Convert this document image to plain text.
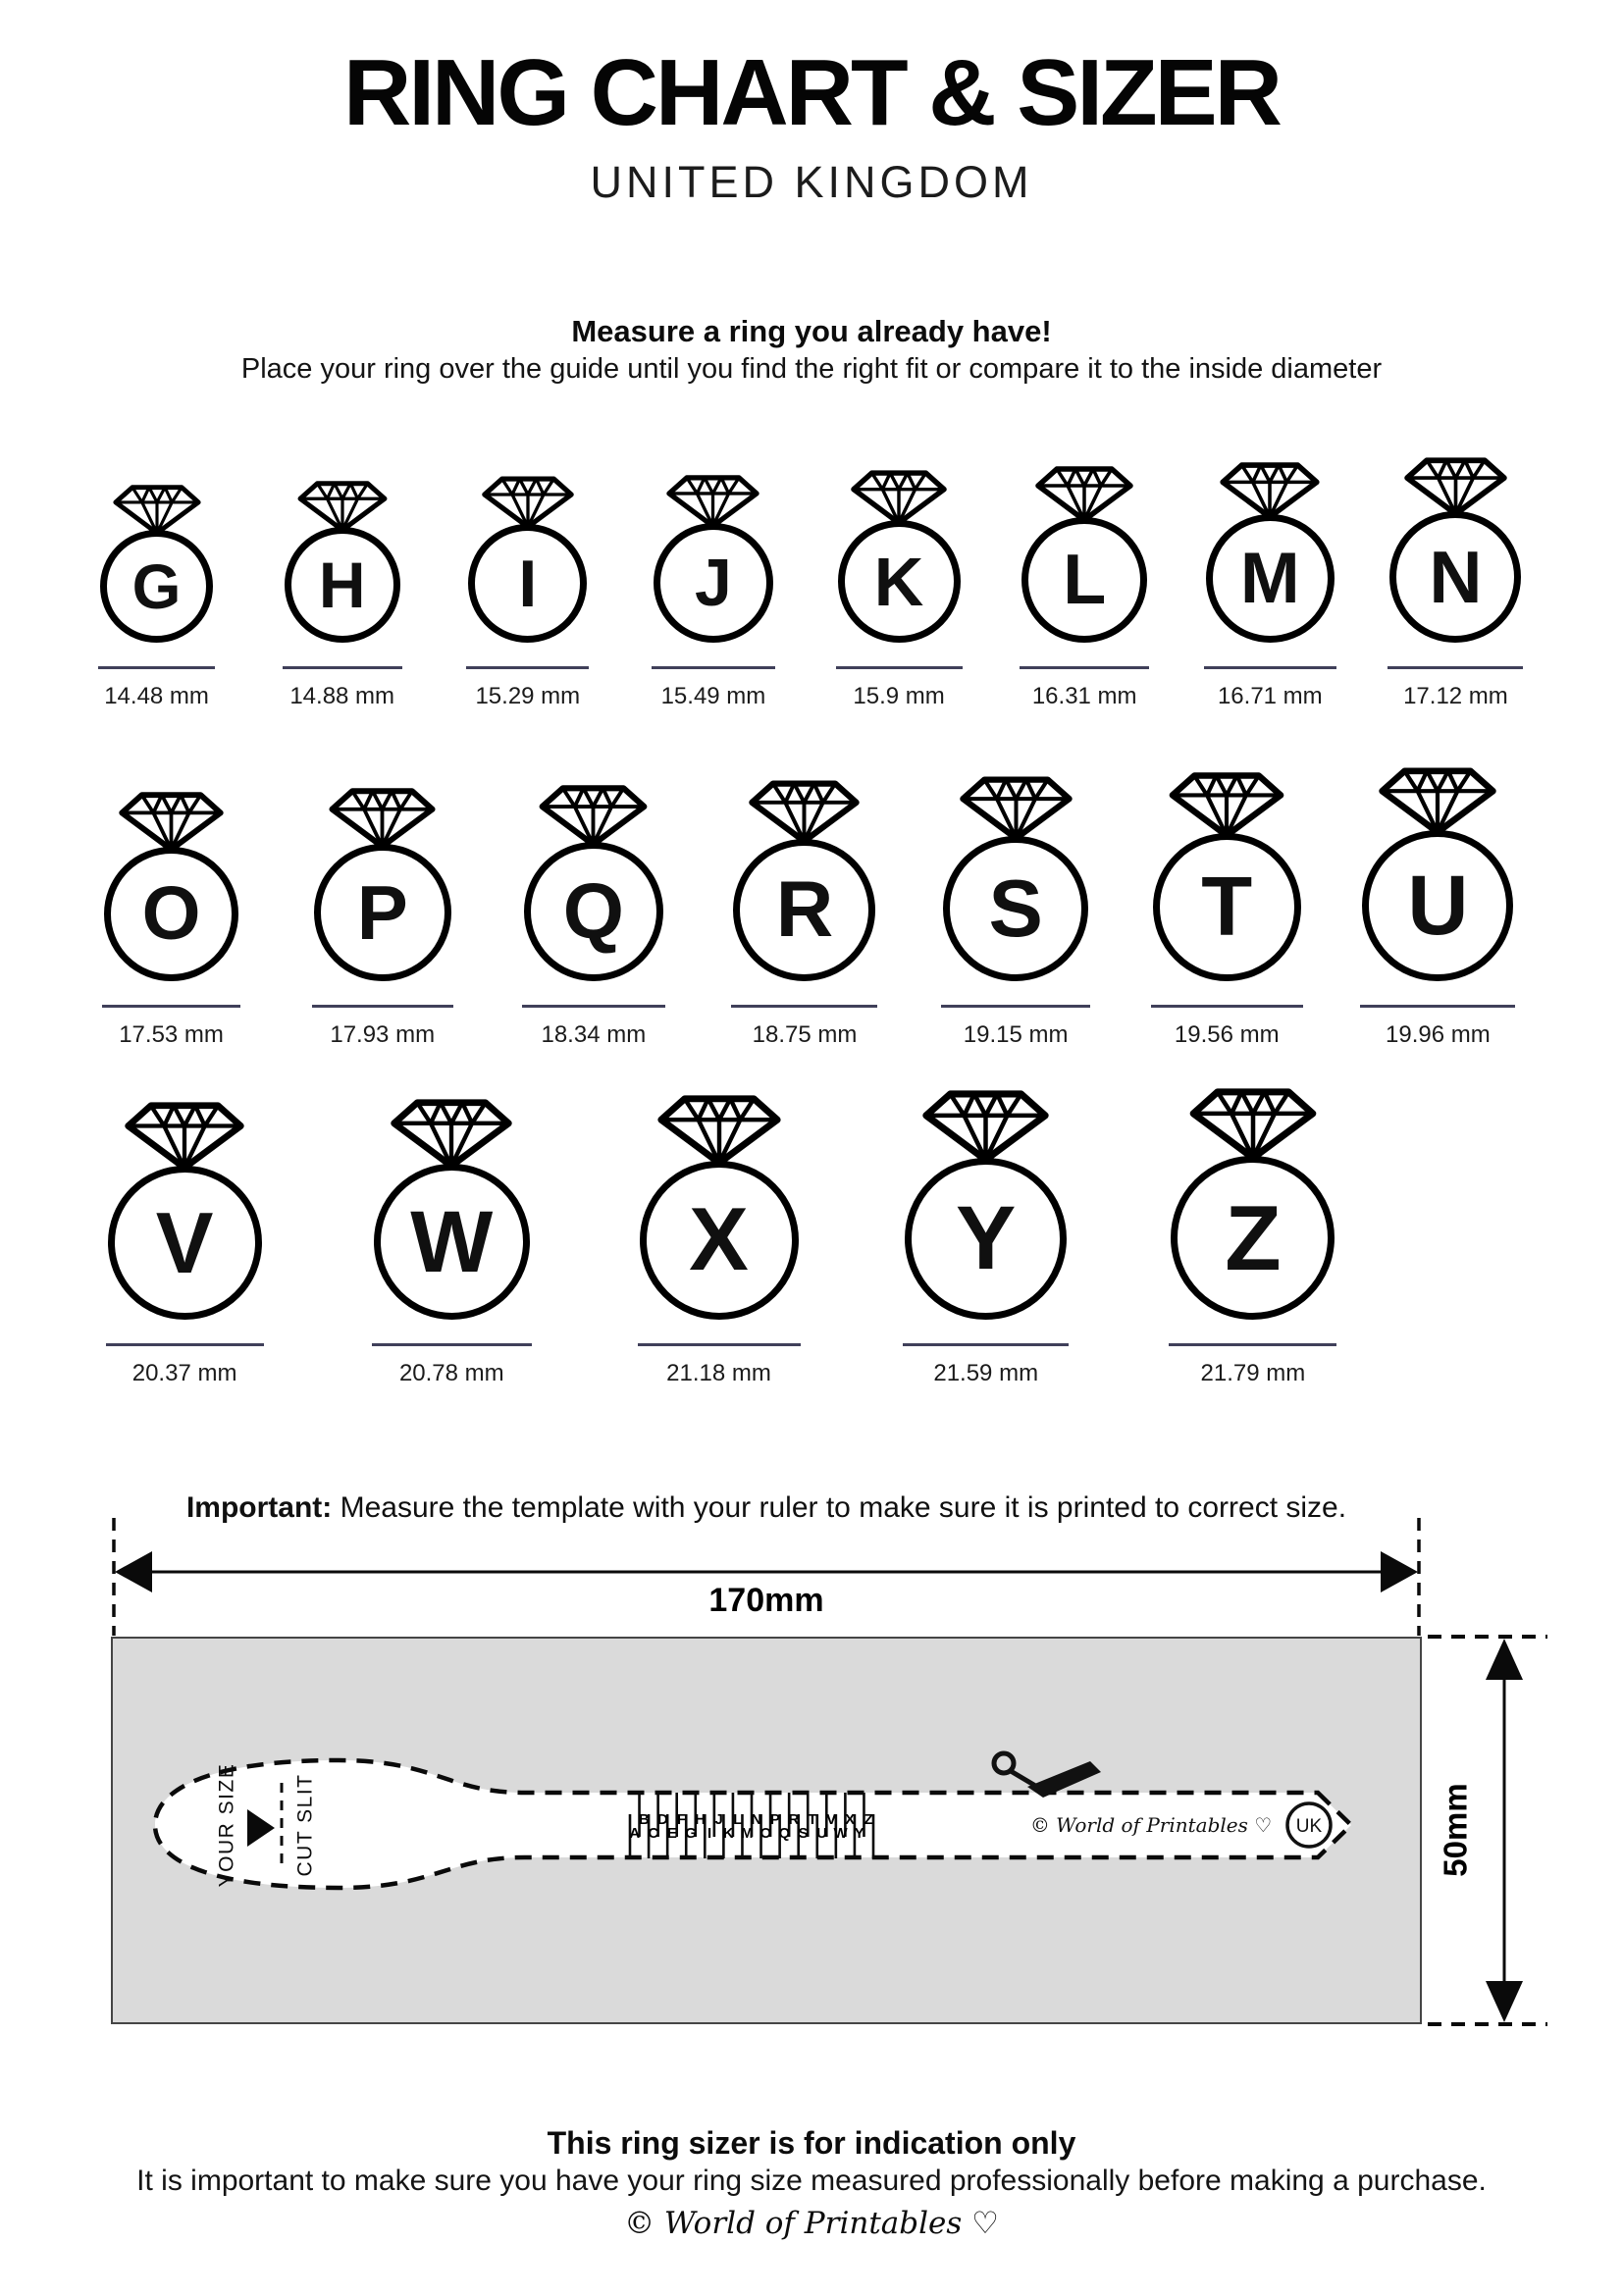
RING CHART & SIZER
UNITED KINGDOM
Measure a ring you already have!
Place your ring over the guide until you find the right fit or compare it to the inside diameter
G
14.48 mm
H
14.88 mm
I
15.29 mm
J
15.49 mm
K
15.9 mm
L
16.31 mm
M
16.71 mm
N
17.12 mm
O
17.53 mm
P
17.93 mm
Q
18.34 mm
R
18.75 mm
S
19.15 mm
T
19.56 mm
U
19.96 mm
V
20.37 mm
W
20.78 mm
X
21.18 mm
Y
21.59 mm
Z
21.79 mm
Important: Measure the template with your ruler to make sure it is printed to correct size.
170mm
YOUR SIZE	CUT SLIT	A
B
C
D
E
F
G
H
I
J
K
L
M
N
O
P
Q
R
S
T
U
V
W
X
Y
Z	© World of Printables ♡ UK	50mm
This ring sizer is for indication only
It is important to make sure you have your ring size measured professionally before making a purchase.
© World of Printables ♡
